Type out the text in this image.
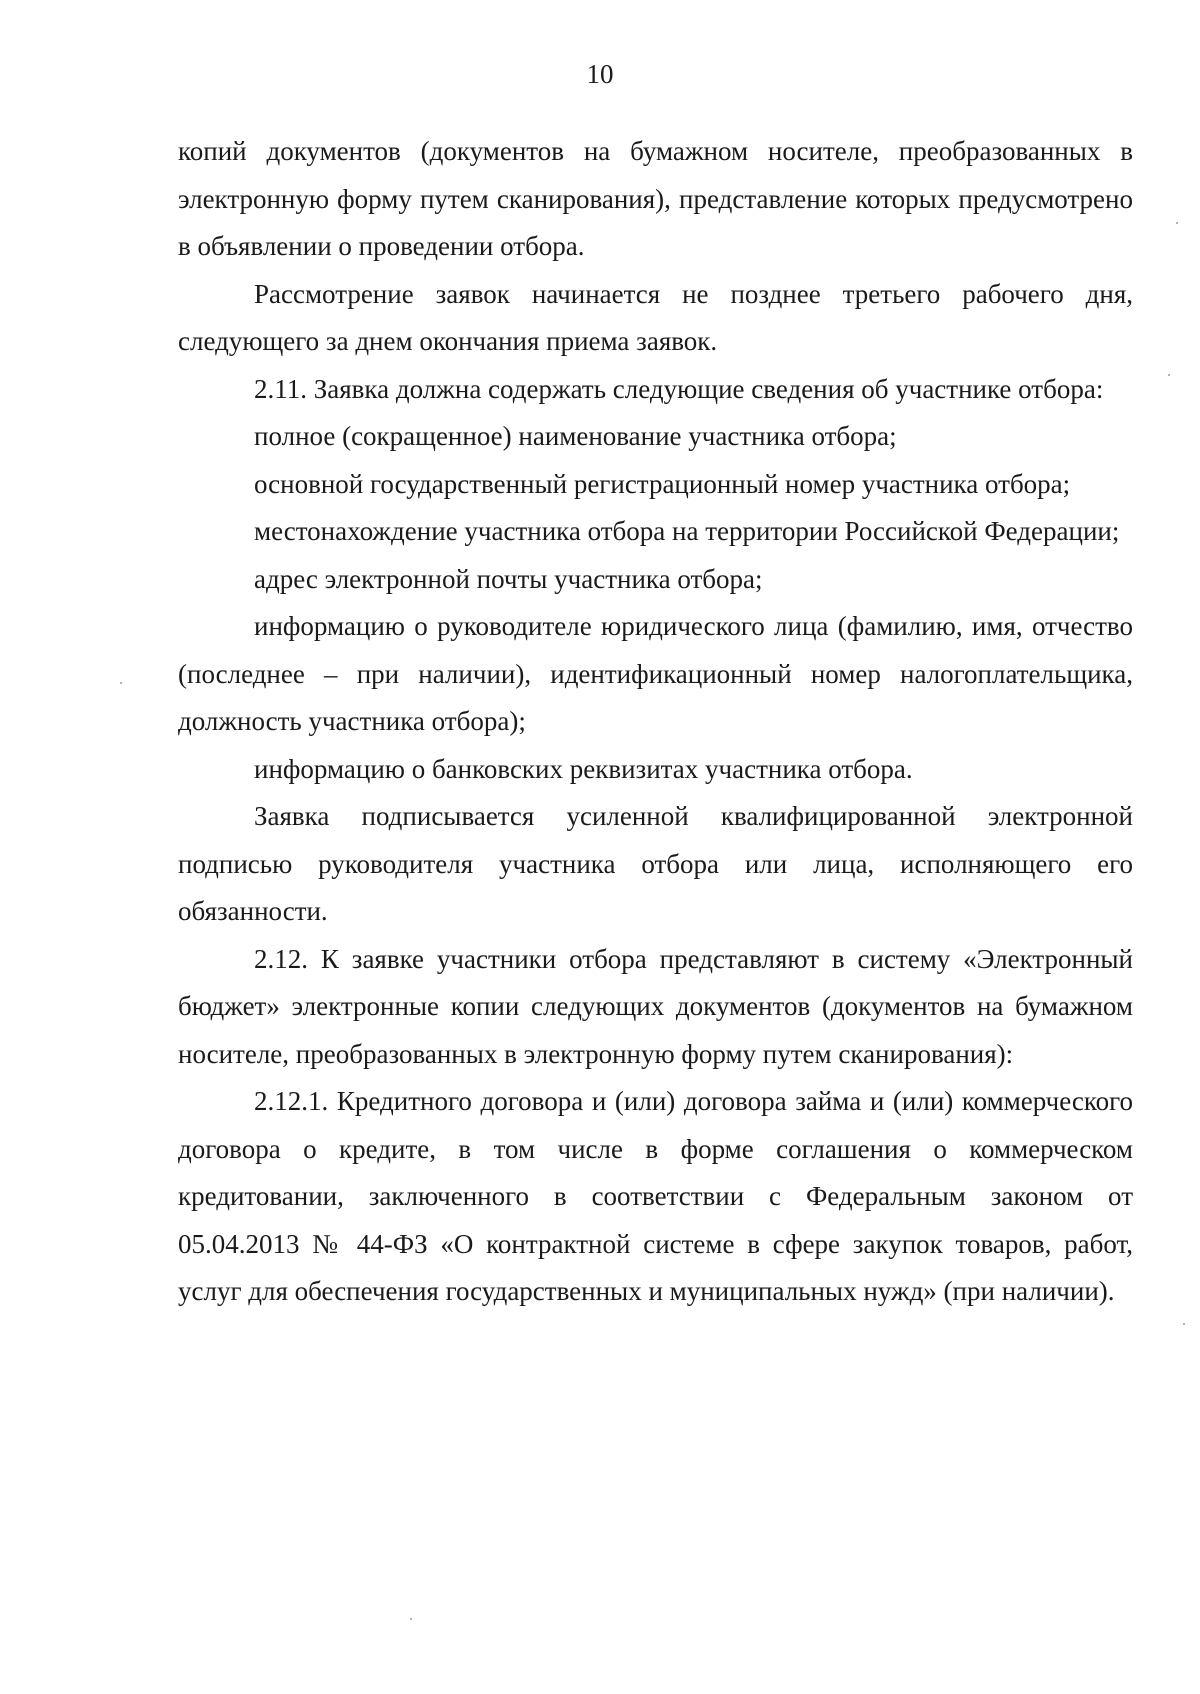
10

копий документов (документов на бумажном носителе, преобразованных в электронную форму путем сканирования), представление которых предусмотрено в объявлении о проведении отбора.

Рассмотрение заявок начинается не позднее третьего рабочего дня, следующего за днем окончания приема заявок.

2.11. Заявка должна содержать следующие сведения об участнике отбора:

полное (сокращенное) наименование участника отбора;

основной государственный регистрационный номер участника отбора;

местонахождение участника отбора на территории Российской Федерации;

адрес электронной почты участника отбора;

информацию о руководителе юридического лица (фамилию, имя, отчество (последнее – при наличии), идентификационный номер налогоплательщика, должность участника отбора);

информацию о банковских реквизитах участника отбора.

Заявка подписывается усиленной квалифицированной электронной подписью руководителя участника отбора или лица, исполняющего его обязанности.

2.12. К заявке участники отбора представляют в систему «Электронный бюджет» электронные копии следующих документов (документов на бумажном носителе, преобразованных в электронную форму путем сканирования):

2.12.1. Кредитного договора и (или) договора займа и (или) коммерческого договора о кредите, в том числе в форме соглашения о коммерческом кредитовании, заключенного в соответствии с Федеральным законом от 05.04.2013 № 44-ФЗ «О контрактной системе в сфере закупок товаров, работ, услуг для обеспечения государственных и муниципальных нужд» (при наличии).
